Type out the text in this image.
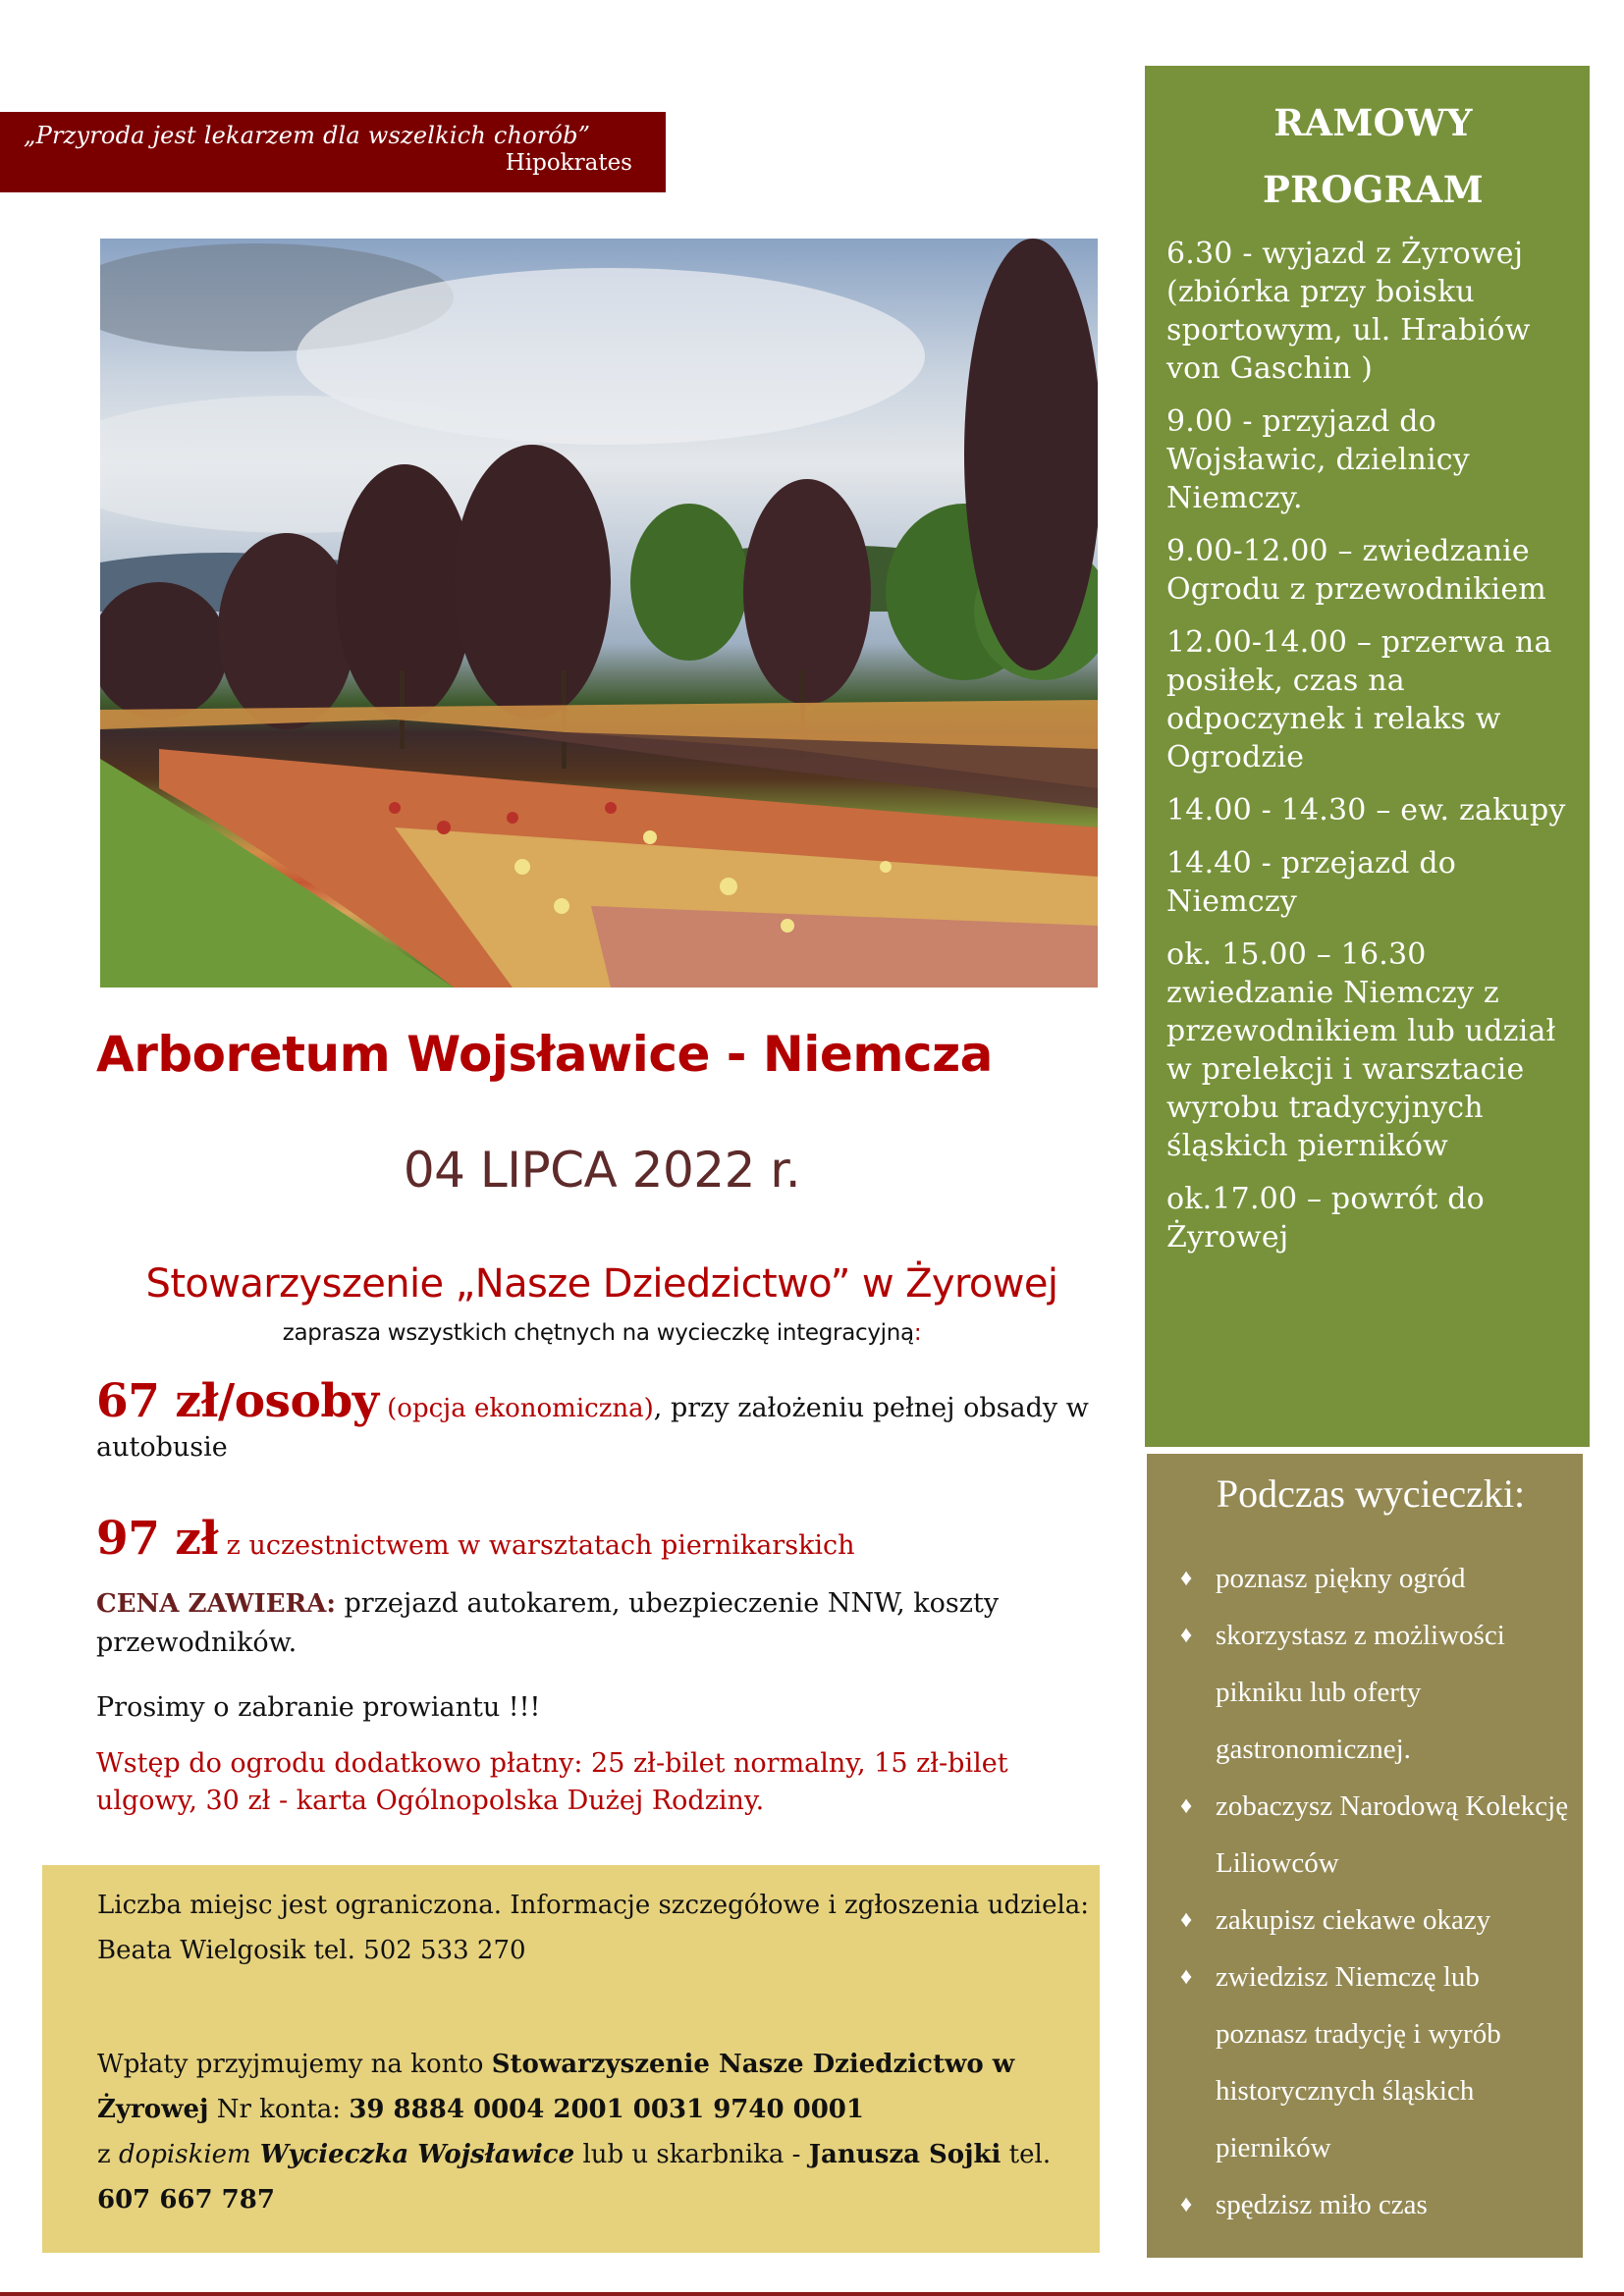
„Przyroda jest lekarzem dla wszelkich chorób”
Hipokrates
Arboretum Wojsławice - Niemcza
04 LIPCA 2022 r.
Stowarzyszenie „Nasze Dziedzictwo” w Żyrowej
zaprasza wszystkich chętnych na wycieczkę integracyjną:
67 zł/osoby (opcja ekonomiczna), przy założeniu pełnej obsady w autobusie
97 zł z uczestnictwem w warsztatach piernikarskich
CENA ZAWIERA: przejazd autokarem, ubezpieczenie NNW, koszty przewodników.
Prosimy o zabranie prowiantu !!!
Wstęp do ogrodu dodatkowo płatny: 25 zł-bilet normalny, 15 zł-bilet ulgowy, 30 zł - karta Ogólnopolska Dużej Rodziny.
Liczba miejsc jest ograniczona. Informacje szczegółowe i zgłoszenia udziela: Beata Wielgosik tel. 502 533 270
Wpłaty przyjmujemy na konto Stowarzyszenie Nasze Dziedzictwo w Żyrowej Nr konta: 39 8884 0004 2001 0031 9740 0001
z dopiskiem Wycieczka Wojsławice lub u skarbnika - Janusza Sojki tel. 607 667 787
RAMOWY
PROGRAM
6.30 - wyjazd z Żyrowej (zbiórka przy boisku sportowym, ul. Hrabiów von Gaschin )
9.00 - przyjazd do Wojsławic, dzielnicy Niemczy.
9.00-12.00 – zwiedzanie Ogrodu z przewodnikiem
12.00-14.00 – przerwa na posiłek, czas na odpoczynek i relaks w Ogrodzie
14.00 - 14.30 – ew. zakupy
14.40 - przejazd do Niemczy
ok. 15.00 – 16.30 zwiedzanie Niemczy z przewodnikiem lub udział w prelekcji i warsztacie wyrobu tradycyjnych śląskich pierników
ok.17.00 – powrót do Żyrowej
Podczas wycieczki:
♦ poznasz piękny ogród
♦ skorzystasz z możliwości pikniku lub oferty gastronomicznej.
♦ zobaczysz Narodową Kolekcję Liliowców
♦ zakupisz ciekawe okazy
♦ zwiedzisz Niemczę lub poznasz tradycję i wyrób historycznych śląskich pierników
♦ spędzisz miło czas
